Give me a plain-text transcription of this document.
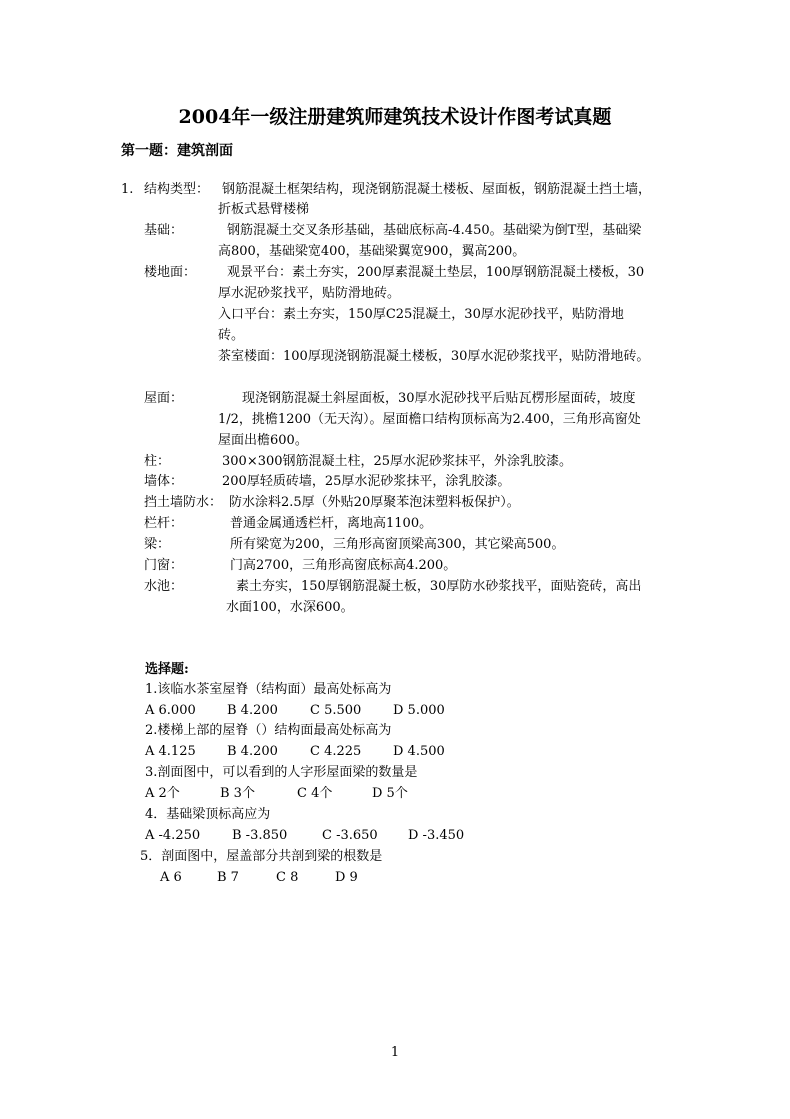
2004年一级注册建筑师建筑技术设计作图考试真题
第一题：建筑剖面
1. 结构类型： 钢筋混凝土框架结构，现浇钢筋混凝土楼板、屋面板，钢筋混凝土挡土墙，
折板式悬臂楼梯
基础：	钢筋混凝土交叉条形基础，基础底标高-4.450。基础梁为倒T型，基础梁
高800，基础梁宽400，基础梁翼宽900，翼高200。
楼地面： 观景平台：素土夯实，200厚素混凝土垫层，100厚钢筋混凝土楼板，30
厚水泥砂浆找平，贴防滑地砖。
入口平台：素土夯实，150厚C25混凝土，30厚水泥砂找平，贴防滑地
砖。
茶室楼面：100厚现浇钢筋混凝土楼板，30厚水泥砂浆找平，贴防滑地砖。
屋面：	现浇钢筋混凝土斜屋面板，30厚水泥砂找平后贴瓦楞形屋面砖，坡度
1/2，挑檐1200（无天沟）。屋面檐口结构顶标高为2.400，三角形高窗处
屋面出檐600。
柱：	300×300钢筋混凝土柱，25厚水泥砂浆抹平，外涂乳胶漆。
墙体：	200厚轻质砖墙，25厚水泥砂浆抹平，涂乳胶漆。
挡土墙防水： 防水涂料2.5厚（外贴20厚聚苯泡沫塑料板保护）。
栏杆：	普通金属通透栏杆，离地高1100。
梁：	所有梁宽为200，三角形高窗顶梁高300，其它梁高500。
门窗：	门高2700，三角形高窗底标高4.200。
水池：	素土夯实，150厚钢筋混凝土板，30厚防水砂浆找平，面贴瓷砖，高出
水面100，水深600。
选择题:
1.该临水茶室屋脊（结构面）最高处标高为
A 6.000 B 4.200 C 5.500 D 5.000
2.楼梯上部的屋脊（）结构面最高处标高为
A 4.125 B 4.200 C 4.225 D 4.500
3.剖面图中，可以看到的人字形屋面梁的数量是
A 2个	B 3个	C 4个	D 5个
4．基础梁顶标高应为
A -4.250 B -3.850	C -3.650 D -3.450
5．剖面图中，屋盖部分共剖到梁的根数是
A 6	B 7	C 8	D 9
1
